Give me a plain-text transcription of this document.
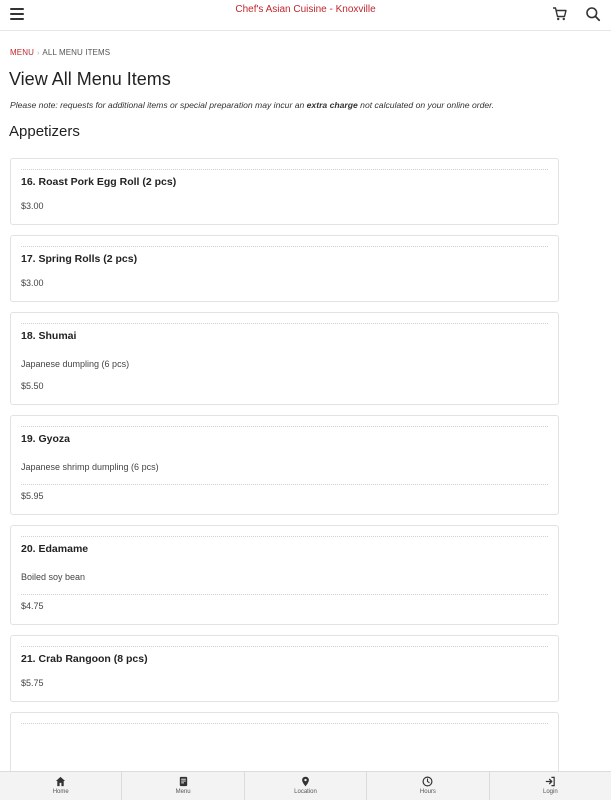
Chef's Asian Cuisine - Knoxville
MENU › ALL MENU ITEMS
View All Menu Items

Please note: requests for additional items or special preparation may incur an extra charge not calculated on your online order.

Appetizers
16. Roast Pork Egg Roll (2 pcs)
$3.00
17. Spring Rolls (2 pcs)
$3.00
18. Shumai
Japanese dumpling (6 pcs)
$5.50
19. Gyoza
Japanese shrimp dumpling (6 pcs)
$5.95
20. Edamame
Boiled soy bean
$4.75
21. Crab Rangoon (8 pcs)
$5.75
Home	Menu	Location	Hours	Login
